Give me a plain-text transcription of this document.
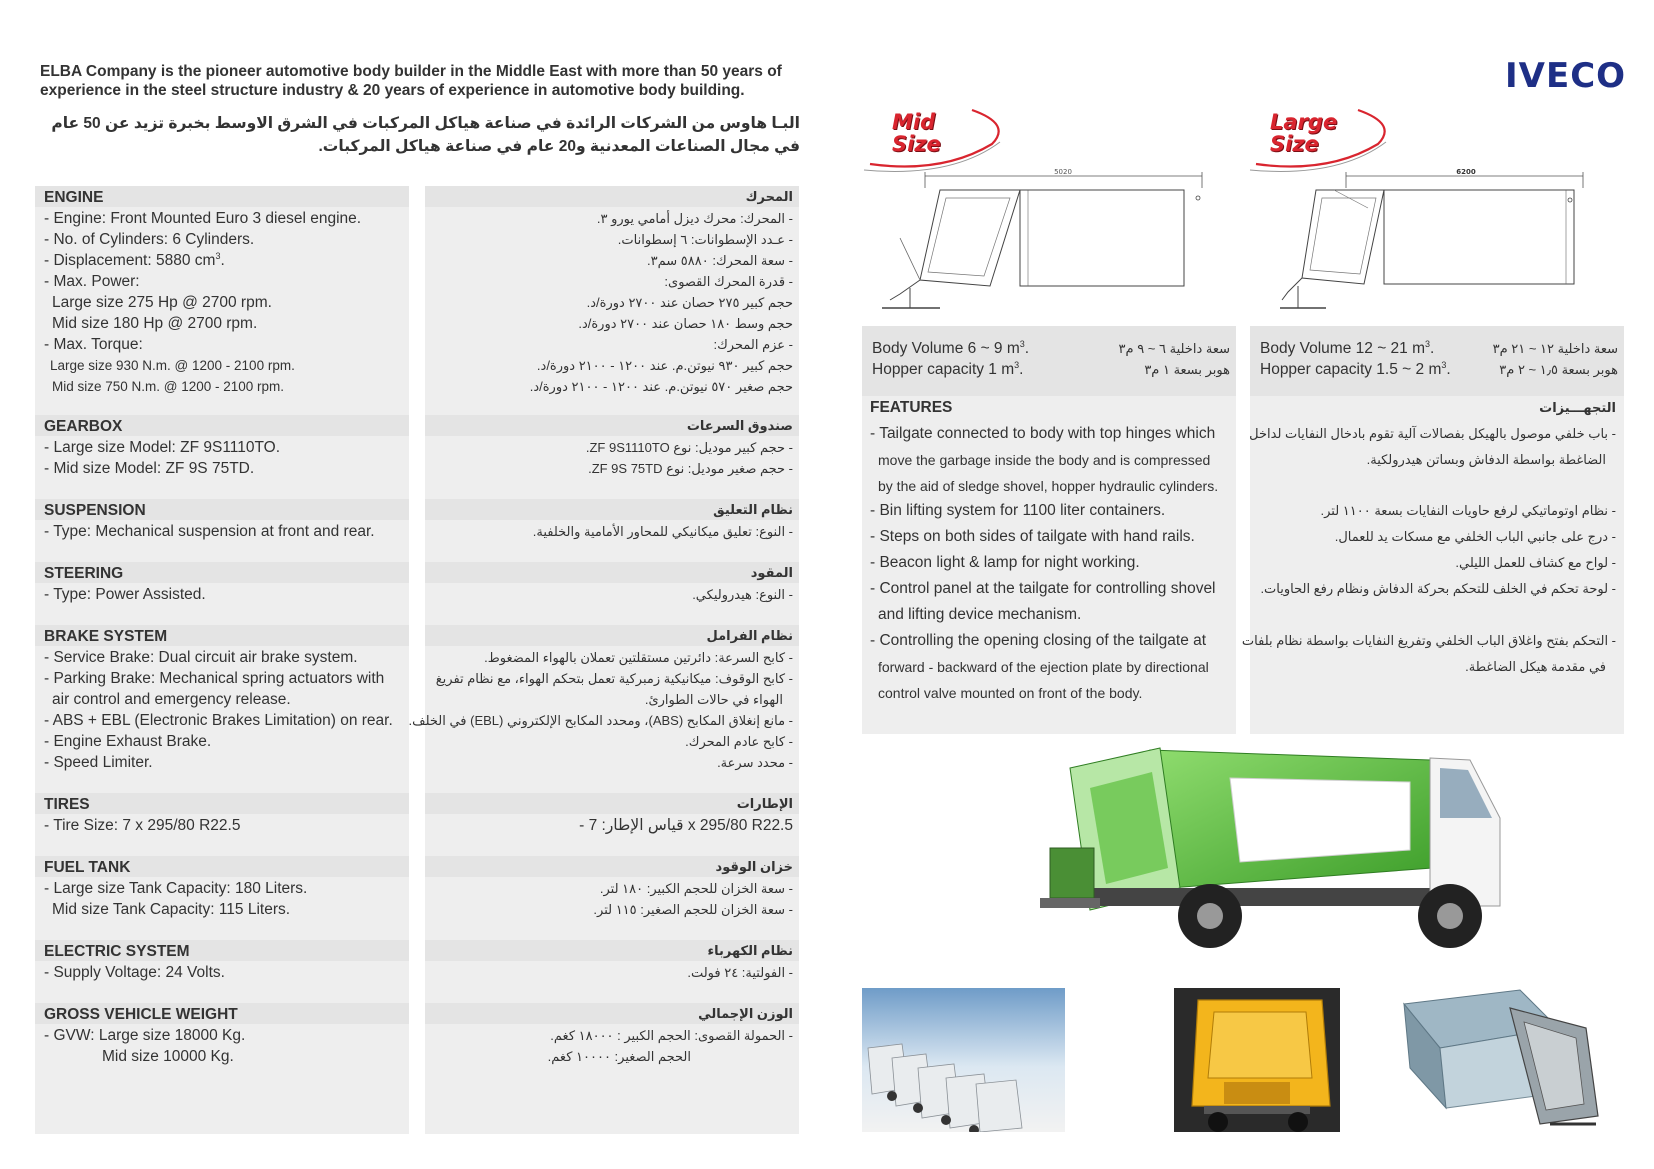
ELBA Company is the pioneer automotive body builder in the Middle East with more than 50 years of experience in the steel structure industry & 20 years of experience in automotive body building.
البـا هاوس من الشركات الرائدة في صناعة هياكل المركبات في الشرق الاوسط بخبرة تزيد عن 50 عام في مجال الصناعات المعدنية و20 عام في صناعة هياكل المركبات.
ENGINE
- Engine: Front Mounted Euro 3 diesel engine.
- No. of Cylinders: 6 Cylinders.
- Displacement: 5880 $cm^3$.
- Max. Power:
Large size 275 Hp @ 2700 rpm.
Mid size 180 Hp @ 2700 rpm.
- Max. Torque:
Large size 930 N.m. @ 1200 - 2100 rpm.
Mid size 750 N.m. @ 1200 - 2100 rpm.
GEARBOX
- Large size Model: ZF 9S1110TO.
- Mid size Model: ZF 9S 75TD.
SUSPENSION
- Type: Mechanical suspension at front and rear.
STEERING
- Type: Power Assisted.
BRAKE SYSTEM
- Service Brake: Dual circuit air brake system.
- Parking Brake: Mechanical spring actuators with
air control and emergency release.
- ABS + EBL (Electronic Brakes Limitation) on rear.
- Engine Exhaust Brake.
- Speed Limiter.
TIRES
- Tire Size: 7 x 295/80 R22.5
FUEL TANK
- Large size Tank Capacity: 180 Liters.
Mid size Tank Capacity: 115 Liters.
ELECTRIC SYSTEM
- Supply Voltage: 24 Volts.
GROSS VEHICLE WEIGHT
- GVW: Large size 18000 Kg.
Mid size 10000 Kg.
المحرك
- المحرك: محرك ديزل أمامي يورو ٣.
- عـدد الإسطوانات: ٦ إسطوانات.
- سعة المحرك: ٥٨٨٠ سم٣.
- قدرة المحرك القصوى:
حجم كبير ٢٧٥ حصان عند ٢٧٠٠ دورة/د.
حجم وسط ١٨٠ حصان عند ٢٧٠٠ دورة/د.
- عزم المحرك:
حجم كبير ٩٣٠ نيوتن.م. عند ١٢٠٠ - ٢١٠٠ دورة/د.
حجم صغير ٥٧٠ نيوتن.م. عند ١٢٠٠ - ٢١٠٠ دورة/د.
صندوق السرعات
- حجم كبير موديل: نوع ZF 9S1110TO.
- حجم صغير موديل: نوع ZF 9S 75TD.
نظام التعليق
- النوع: تعليق ميكانيكي للمحاور الأمامية والخلفية.
المقود
- النوع: هيدروليكي.
نظام الفرامل
- كابح السرعة: دائرتين مستقلتين تعملان بالهواء المضغوط.
- كابح الوقوف: ميكانيكية زمبركية تعمل بتحكم الهواء، مع نظام تفريغ
الهواء في حالات الطوارئ.
- مانع إنغلاق المكابح (ABS)، ومحدد المكابح الإلكتروني (EBL) في الخلف.
- كابح عادم المحرك.
- محدد سرعة.
الإطارات
- قياس الإطار: 7 x 295/80 R22.5
خزان الوقود
- سعة الخزان للحجم الكبير: ١٨٠ لتر.
- سعة الخزان للحجم الصغير: ١١٥ لتر.
نظام الكهرباء
- الفولتية: ٢٤ فولت.
الوزن الإجمالي
- الحمولة القصوى: الحجم الكبير : ١٨٠٠٠ كغم.
الحجم الصغير: ١٠٠٠٠ كغم.
IVECO
Mid
Size
Large
Size
5020	6200
Body Volume 6 ~ 9 $m^3$.
Hopper capacity 1 $m^3$.
سعة داخلية ٦ ~ ٩ م٣
هوبر بسعة ١ م٣
FEATURES
- Tailgate connected to body with top hinges which
move the garbage inside the body and is compressed
by the aid of sledge shovel, hopper hydraulic cylinders.
- Bin lifting system for 1100 liter containers.
- Steps on both sides of tailgate with hand rails.
- Beacon light & lamp for night working.
- Control panel at the tailgate for controlling shovel
and lifting device mechanism.
- Controlling the opening closing of the tailgate at
forward - backward of the ejection plate by directional
control valve mounted on front of the body.
Body Volume 12 ~ 21 $m^3$.
Hopper capacity 1.5 ~ 2 $m^3$.
سعة داخلية ١٢ ~ ٢١ م٣
هوبر بسعة ١٫٥ ~ ٢ م٣
التجهـــيزات
- باب خلفي موصول بالهيكل بفصالات آلية تقوم بادخال النفايات لداخل
الضاغطة بواسطة الدفاش وبساتن هيدرولكية.
- نظام اوتوماتيكي لرفع حاويات النفايات بسعة ١١٠٠ لتر.
- درج على جانبي الباب الخلفي مع مسكات يد للعمال.
- لواح مع كشاف للعمل الليلي.
- لوحة تحكم في الخلف للتحكم بحركة الدفاش ونظام رفع الحاويات.
- التحكم بفتح واغلاق الباب الخلفي وتفريغ النفايات بواسطة نظام بلفات
في مقدمة هيكل الضاغطة.
